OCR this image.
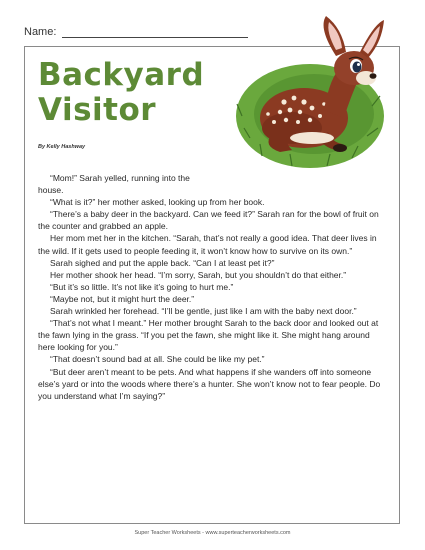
Name:
Backyard
Visitor
By Kelly Hashway

“Mom!” Sarah yelled, running into the house.

“What is it?” her mother asked, looking up from her book.

“There’s a baby deer in the backyard. Can we feed it?” Sarah ran for the bowl of fruit on the counter and grabbed an apple.

Her mom met her in the kitchen. “Sarah, that’s not really a good idea. That deer lives in the wild. If it gets used to people feeding it, it won’t know how to survive on its own.”

Sarah sighed and put the apple back. “Can I at least pet it?”

Her mother shook her head. “I’m sorry, Sarah, but you shouldn’t do that either.”

“But it’s so little. It’s not like it’s going to hurt me.”

“Maybe not, but it might hurt the deer.”

Sarah wrinkled her forehead. “I’ll be gentle, just like I am with the baby next door.”

“That’s not what I meant.” Her mother brought Sarah to the back door and looked out at the fawn lying in the grass. “If you pet the fawn, she might like it. She might hang around here looking for you.”

“That doesn’t sound bad at all. She could be like my pet.”

“But deer aren’t meant to be pets. And what happens if she wanders off into someone else’s yard or into the woods where there’s a hunter. She won’t know not to fear people. Do you understand what I’m saying?”

Super Teacher Worksheets - www.superteacherworksheets.com
